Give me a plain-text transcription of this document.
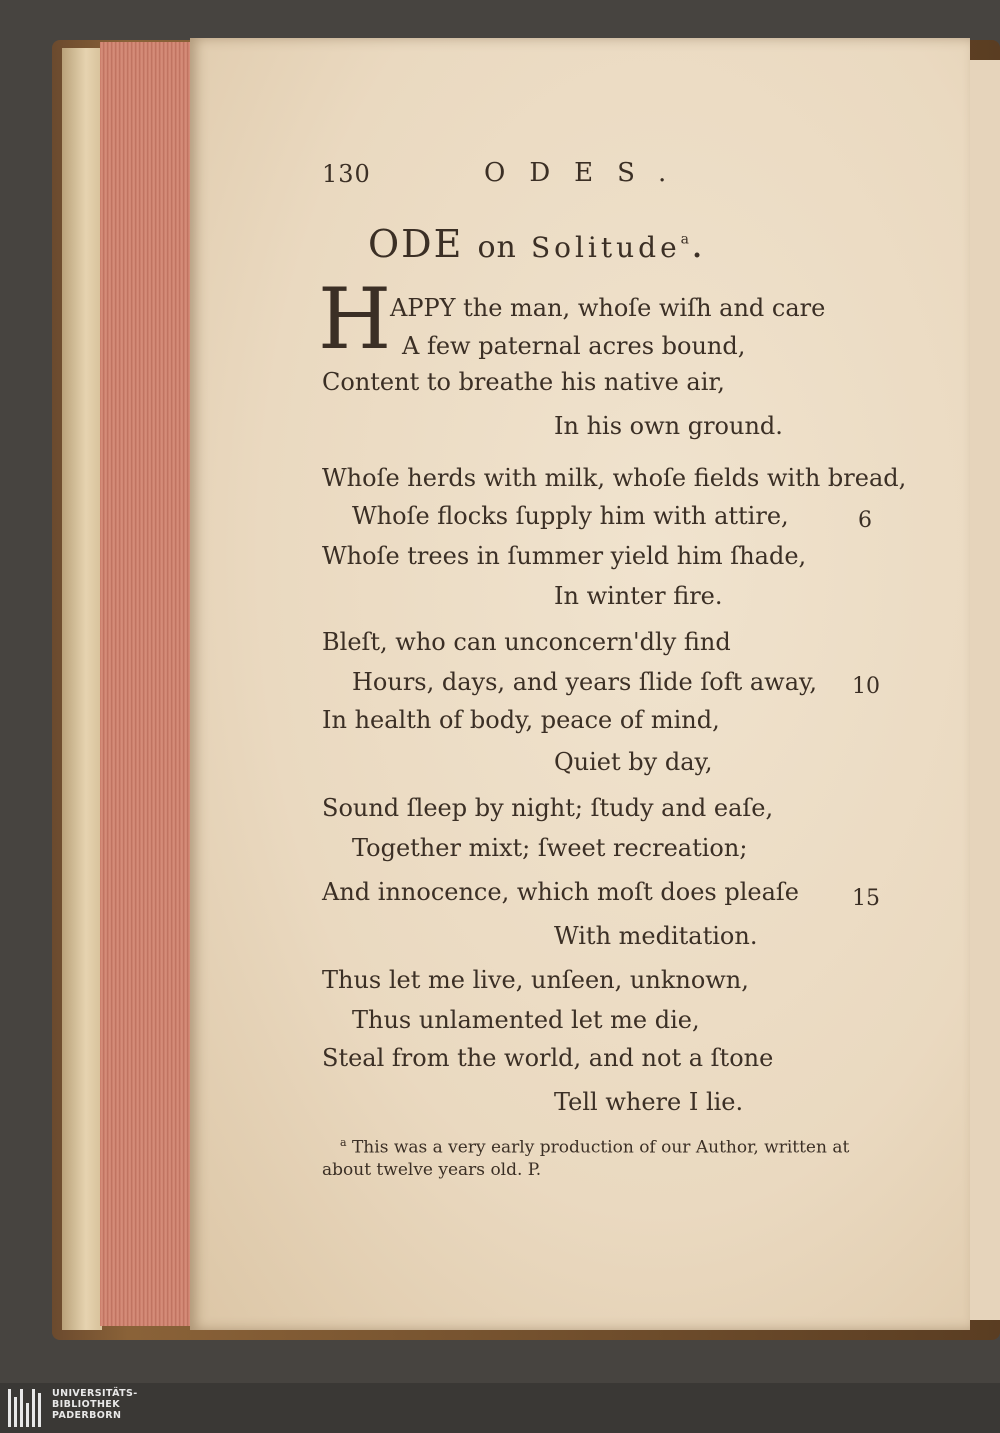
130	ODES.
ODE on Solitude$^a$.
H
APPY the man, whoſe wiſh and care
A few paternal acres bound,
Content to breathe his native air,
In his own ground.
Whoſe herds with milk, whoſe fields with bread,
Whoſe flocks ſupply him with attire,	6
Whoſe trees in ſummer yield him ſhade,
In winter fire.
Bleſt, who can unconcern'dly find
Hours, days, and years ſlide ſoft away, 10
In health of body, peace of mind,
Quiet by day,
Sound ſleep by night; ſtudy and eaſe,
Together mixt; ſweet recreation;
And innocence, which moſt does pleaſe 15
With meditation.
Thus let me live, unſeen, unknown,
Thus unlamented let me die,
Steal from the world, and not a ſtone
Tell where I lie.
$^a$ This was a very early production of our Author, written at
about twelve years old. P.
UNIVERSITÄTS-
BIBLIOTHEK
PADERBORN
